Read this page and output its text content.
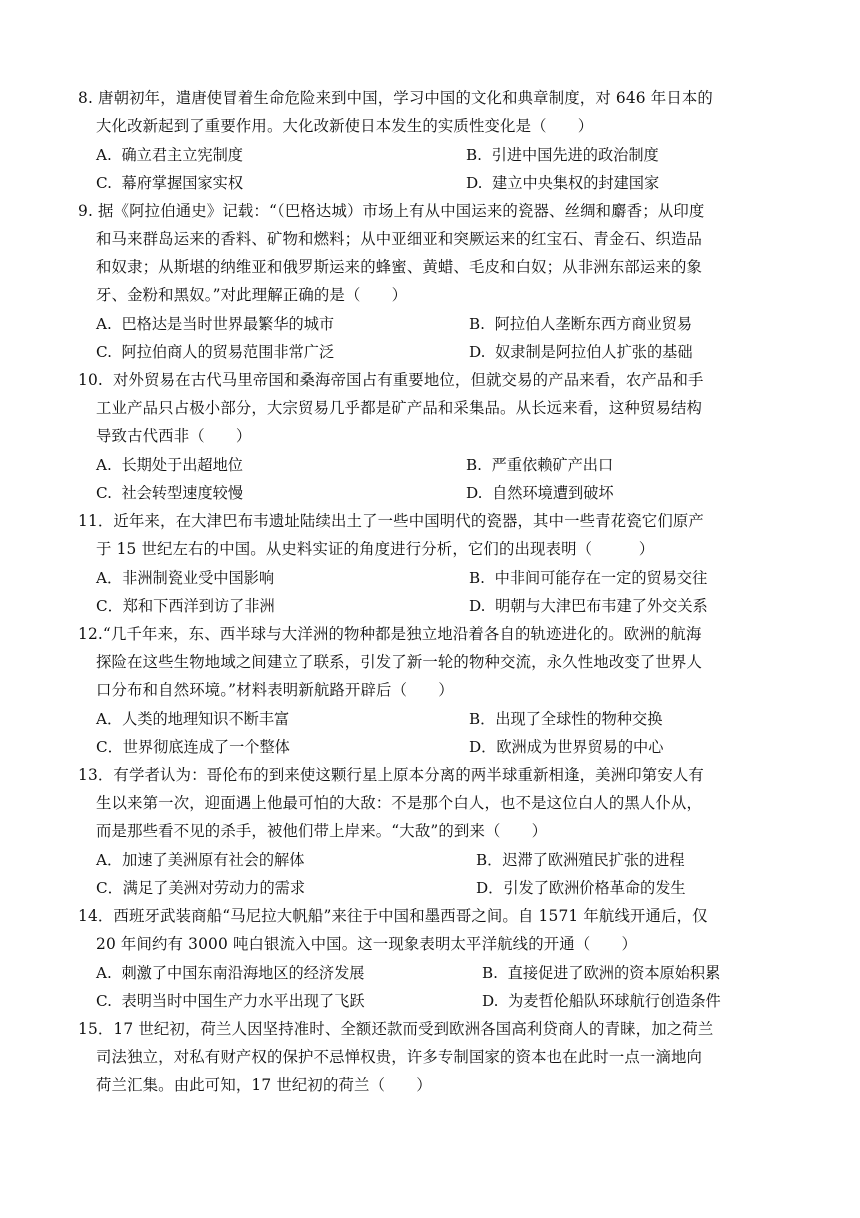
8. 唐朝初年，遣唐使冒着生命危险来到中国，学习中国的文化和典章制度，对 646 年日本的
大化改新起到了重要作用。大化改新使日本发生的实质性变化是（　　）
A.  确立君主立宪制度	B.  引进中国先进的政治制度
C.  幕府掌握国家实权	D.  建立中央集权的封建国家
9. 据《阿拉伯通史》记载：“（巴格达城）市场上有从中国运来的瓷器、丝绸和麝香；从印度
和马来群岛运来的香料、矿物和燃料；从中亚细亚和突厥运来的红宝石、青金石、织造品
和奴隶；从斯堪的纳维亚和俄罗斯运来的蜂蜜、黄蜡、毛皮和白奴；从非洲东部运来的象
牙、金粉和黑奴。”对此理解正确的是（　　）
A.  巴格达是当时世界最繁华的城市	B.  阿拉伯人垄断东西方商业贸易
C.  阿拉伯商人的贸易范围非常广泛	D.  奴隶制是阿拉伯人扩张的基础
10.  对外贸易在古代马里帝国和桑海帝国占有重要地位，但就交易的产品来看，农产品和手
工业产品只占极小部分，大宗贸易几乎都是矿产品和采集品。从长远来看，这种贸易结构
导致古代西非（　　）
A.  长期处于出超地位	B.  严重依赖矿产出口
C.  社会转型速度较慢	D.  自然环境遭到破坏
11．近年来，在大津巴布韦遗址陆续出土了一些中国明代的瓷器，其中一些青花瓷它们原产
于 15 世纪左右的中国。从史料实证的角度进行分析，它们的出现表明（　　　）
A．非洲制瓷业受中国影响	B.  中非间可能存在一定的贸易交往
C．郑和下西洋到访了非洲	D.  明朝与大津巴布韦建了外交关系
12.“几千年来，东、西半球与大洋洲的物种都是独立地沿着各自的轨迹进化的。欧洲的航海
探险在这些生物地域之间建立了联系，引发了新一轮的物种交流，永久性地改变了世界人
口分布和自然环境。”材料表明新航路开辟后（　　）
A．人类的地理知识不断丰富	B．出现了全球性的物种交换
C．世界彻底连成了一个整体	D．欧洲成为世界贸易的中心
13．有学者认为：哥伦布的到来使这颗行星上原本分离的两半球重新相逢，美洲印第安人有
生以来第一次，迎面遇上他最可怕的大敌：不是那个白人，也不是这位白人的黑人仆从，
而是那些看不见的杀手，被他们带上岸来。“大敌”的到来（　　）
A．加速了美洲原有社会的解体	B．迟滞了欧洲殖民扩张的进程
C．满足了美洲对劳动力的需求	D．引发了欧洲价格革命的发生
14．西班牙武装商船“马尼拉大帆船”来往于中国和墨西哥之间。自 1571 年航线开通后，仅
20 年间约有 3000 吨白银流入中国。这一现象表明太平洋航线的开通（　　）
A.  刺激了中国东南沿海地区的经济发展	B.  直接促进了欧洲的资本原始积累
C.  表明当时中国生产力水平出现了飞跃	D.  为麦哲伦船队环球航行创造条件
15．17 世纪初，荷兰人因坚持准时、全额还款而受到欧洲各国高利贷商人的青睐，加之荷兰
司法独立，对私有财产权的保护不忌惮权贵，许多专制国家的资本也在此时一点一滴地向
荷兰汇集。由此可知，17 世纪初的荷兰（　　）
